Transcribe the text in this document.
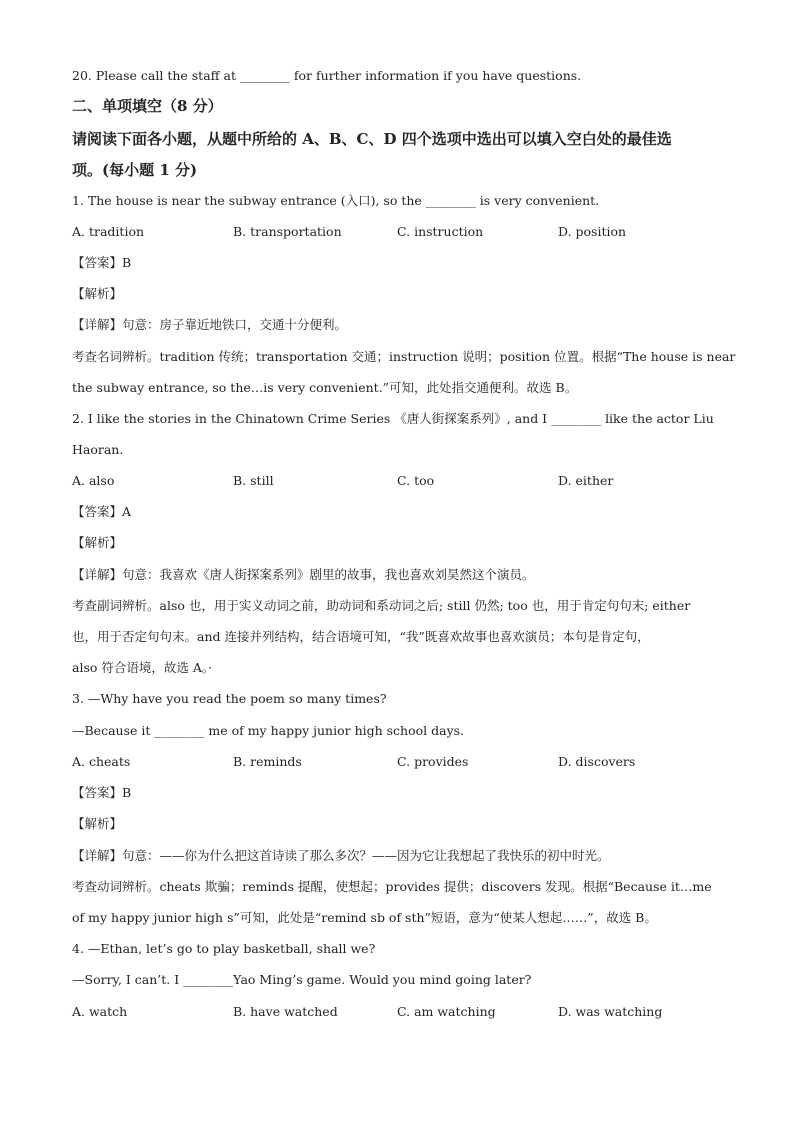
20. Please call the staff at ________ for further information if you have questions.
二、单项填空（8 分）
请阅读下面各小题，从题中所给的 A、B、C、D 四个选项中选出可以填入空白处的最佳选
项。(每小题 1 分)
1. The house is near the subway entrance (入口), so the ________ is very convenient.
A. tradition	B. transportation	C. instruction	D. position
【答案】B
【解析】
【详解】句意：房子靠近地铁口，交通十分便利。
考查名词辨析。tradition 传统；transportation 交通；instruction 说明；position 位置。根据“The house is near
the subway entrance, so the…is very convenient.”可知，此处指交通便利。故选 B。
2. I like the stories in the Chinatown Crime Series 《唐人街探案系列》, and I ________ like the actor Liu
Haoran.
A. also	B. still	C. too	D. either
【答案】A
【解析】
【详解】句意：我喜欢《唐人街探案系列》剧里的故事，我也喜欢刘昊然这个演员。
考查副词辨析。also 也，用于实义动词之前，助动词和系动词之后; still 仍然; too 也，用于肯定句句末; either
也，用于否定句句末。and 连接并列结构，结合语境可知，“我”既喜欢故事也喜欢演员；本句是肯定句，
also 符合语境，故选 A。·
3. —Why have you read the poem so many times?
—Because it ________ me of my happy junior high school days.
A. cheats	B. reminds	C. provides	D. discovers
【答案】B
【解析】
【详解】句意：——你为什么把这首诗读了那么多次？——因为它让我想起了我快乐的初中时光。
考查动词辨析。cheats 欺骗；reminds 提醒，使想起；provides 提供；discovers 发现。根据“Because it…me
of my happy junior high s”可知，此处是“remind sb of sth”短语，意为“使某人想起……”，故选 B。
4. —Ethan, let’s go to play basketball, shall we?
—Sorry, I can’t. I ________Yao Ming’s game. Would you mind going later?
A. watch	B. have watched	C. am watching	D. was watching
